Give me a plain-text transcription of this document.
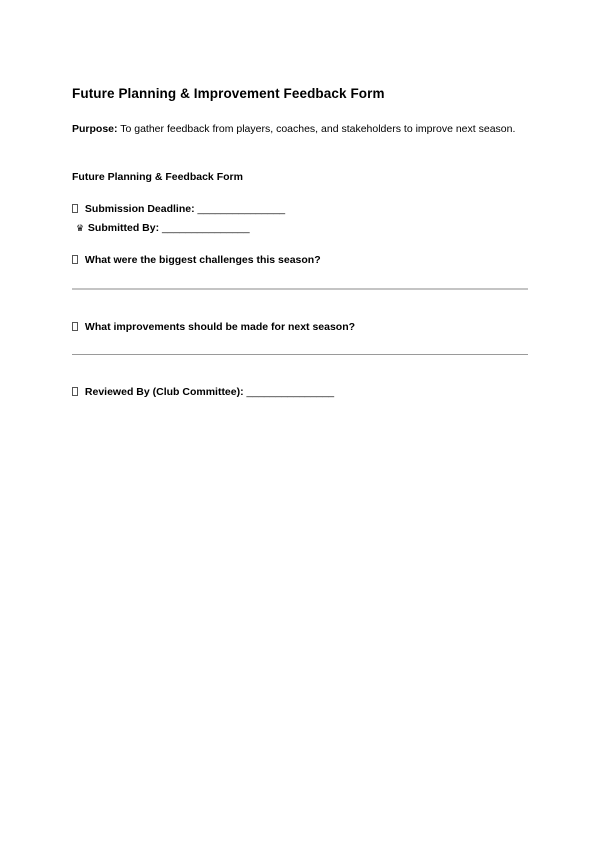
Future Planning & Improvement Feedback Form
Purpose: To gather feedback from players, coaches, and stakeholders to improve next season.
Future Planning & Feedback Form
Submission Deadline: _______________
♛ Submitted By: _______________
What were the biggest challenges this season?
What improvements should be made for next season?
Reviewed By (Club Committee): _______________
